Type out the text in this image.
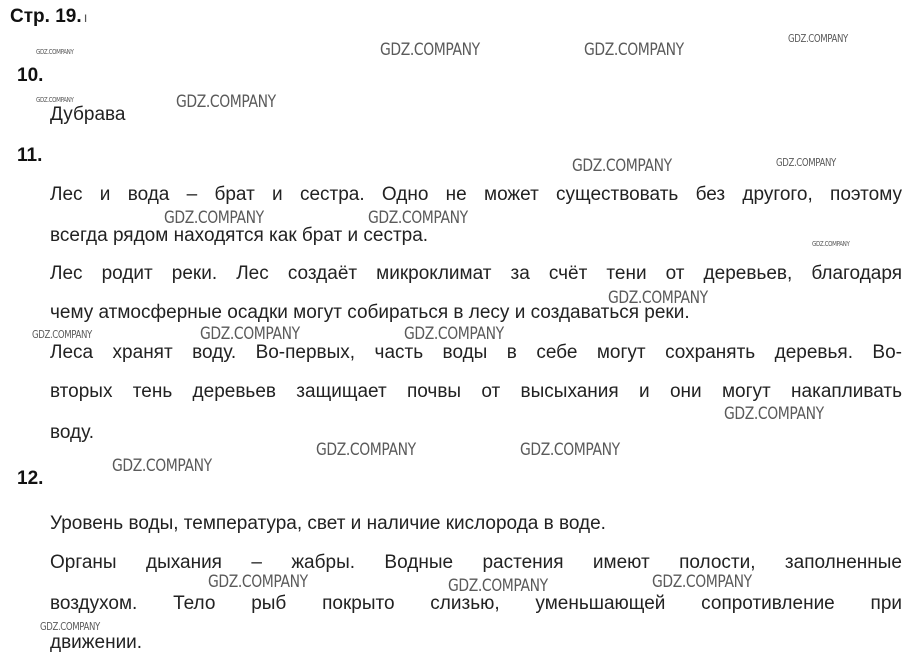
Стр. 19. ı
10.
Дубрава
11.
Лес и вода – брат и сестра. Одно не может существовать без другого, поэтому
всегда рядом находятся как брат и сестра.
Лес родит реки. Лес создаёт микроклимат за счёт тени от деревьев, благодаря
чему атмосферные осадки могут собираться в лесу и создаваться реки.
Леса хранят воду. Во-первых, часть воды в себе могут сохранять деревья. Во-
вторых тень деревьев защищает почвы от высыхания и они могут накапливать
воду.
12.
Уровень воды, температура, свет и наличие кислорода в воде.
Органы дыхания – жабры. Водные растения имеют полости, заполненные
воздухом. Тело рыб покрыто слизью, уменьшающей сопротивление при
движении.
GDZ.COMPANY	GDZ.COMPANY
GDZ.COMPANY
GDZ.COMPANY
GDZ.COMPANY	GDZ.COMPANY
GDZ.COMPANY	GDZ.COMPANY
GDZ.COMPANY	GDZ.COMPANY
GDZ.COMPANY
GDZ.COMPANY
GDZ.COMPANY	GDZ.COMPANY	GDZ.COMPANY
GDZ.COMPANY
GDZ.COMPANY	GDZ.COMPANY
GDZ.COMPANY
GDZ.COMPANY	GDZ.COMPANY
GDZ.COMPANY
GDZ.COMPANY
